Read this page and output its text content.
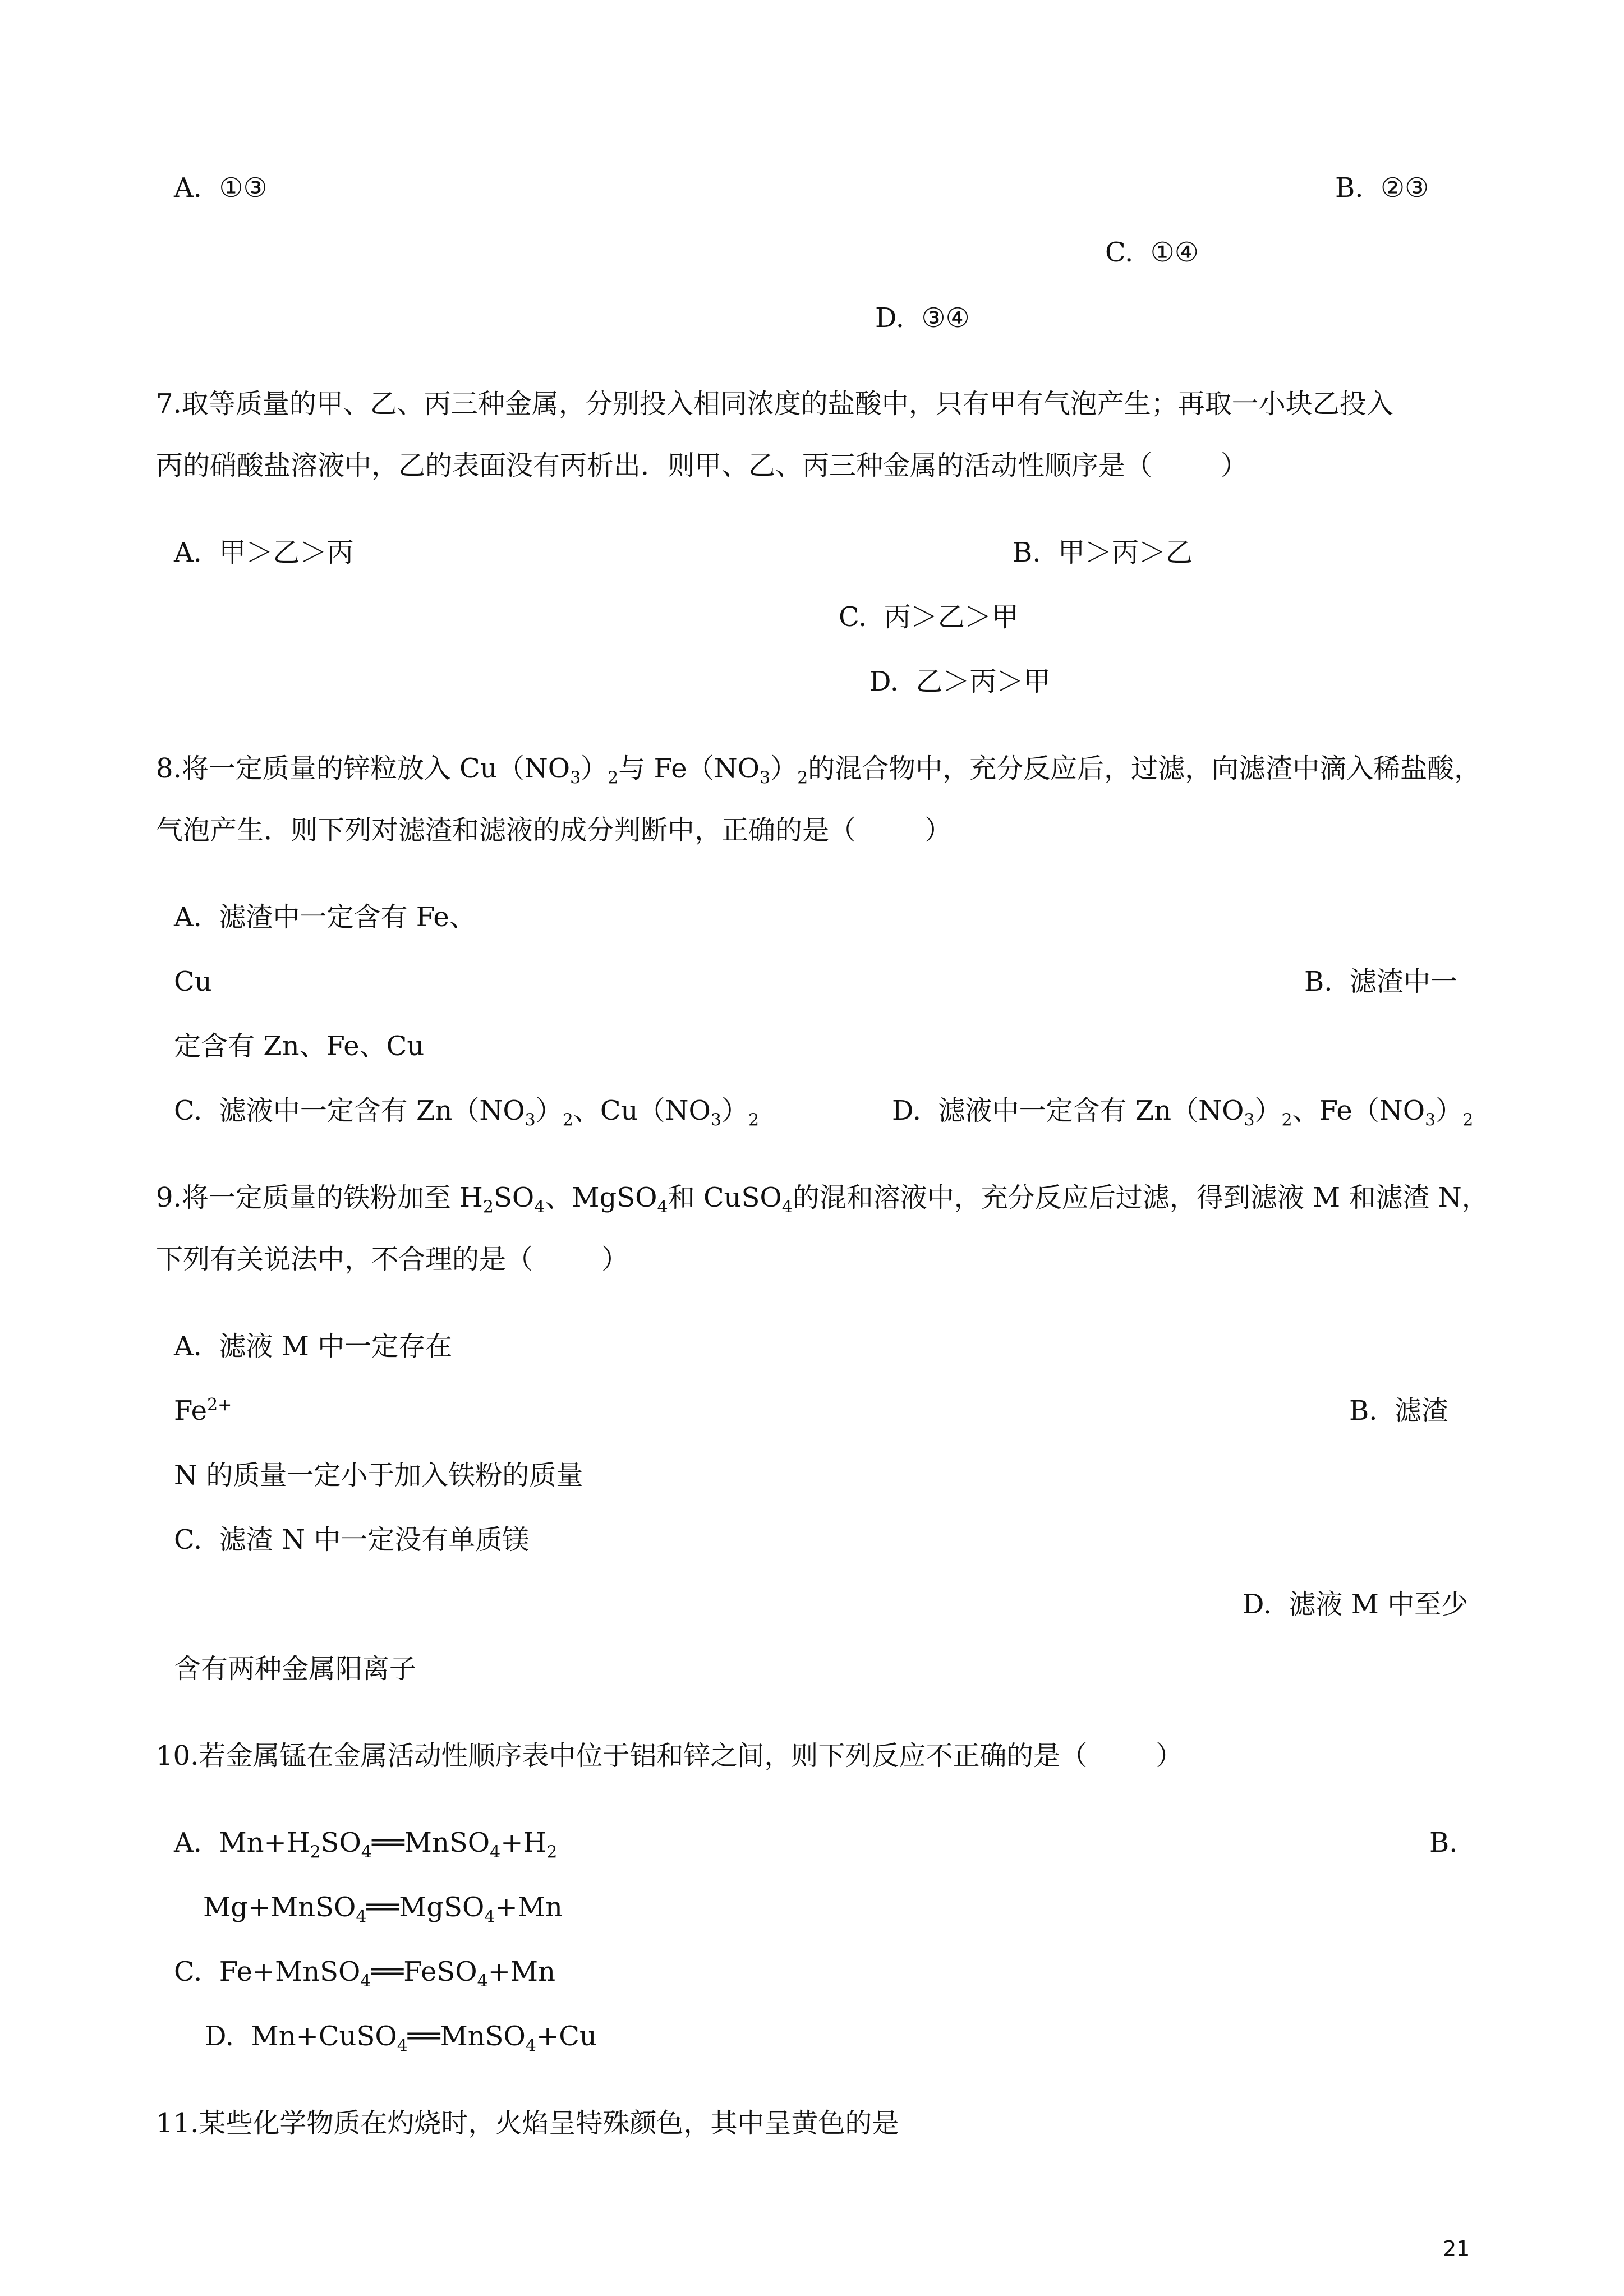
A.  ①③	B.  ②③
C.  ①④
D.  ③④
7.取等质量的甲、乙、丙三种金属，分别投入相同浓度的盐酸中，只有甲有气泡产生；再取一小块乙投入
丙的硝酸盐溶液中，乙的表面没有丙析出．则甲、乙、丙三种金属的活动性顺序是（        ）
A.  甲＞乙＞丙	B.  甲＞丙＞乙
C.  丙＞乙＞甲
D.  乙＞丙＞甲
8.将一定质量的锌粒放入 $Cu(NO_3)_2$与 $Fe(NO_3)_2$的混合物中，充分反应后，过滤，向滤渣中滴入稀盐酸，
气泡产生．则下列对滤渣和滤液的成分判断中，正确的是（        ）
A.  滤渣中一定含有 Fe、
Cu	B.  滤渣中一
定含有 Zn、Fe、Cu
C.  滤液中一定含有 $Zn(NO_3)_2$、$Cu(NO_3)_2$	D.  滤液中一定含有 $Zn(NO_3)_2$、$Fe(NO_3)_2$
9.将一定质量的铁粉加至 $H_2SO_4$、MgSO$_4$和 CuSO$_4$的混和溶液中，充分反应后过滤，得到滤液 M 和滤渣 N，
下列有关说法中，不合理的是（        ）
A.  滤液 M 中一定存在
$Fe^{2+}$	B.  滤渣
N 的质量一定小于加入铁粉的质量
C.  滤渣 N 中一定没有单质镁
D.  滤液 M 中至少
含有两种金属阳离子
10.若金属锰在金属活动性顺序表中位于铝和锌之间，则下列反应不正确的是（        ）
A.  $Mn+H_2SO_4══MnSO_4+H_2$	B.
Mg+MnSO$_4$══MgSO$_4$+Mn
C.  Fe+MnSO$_4$══FeSO$_4$+Mn
D.  Mn+CuSO$_4$══MnSO$_4$+Cu
11.某些化学物质在灼烧时，火焰呈特殊颜色，其中呈黄色的是
21
